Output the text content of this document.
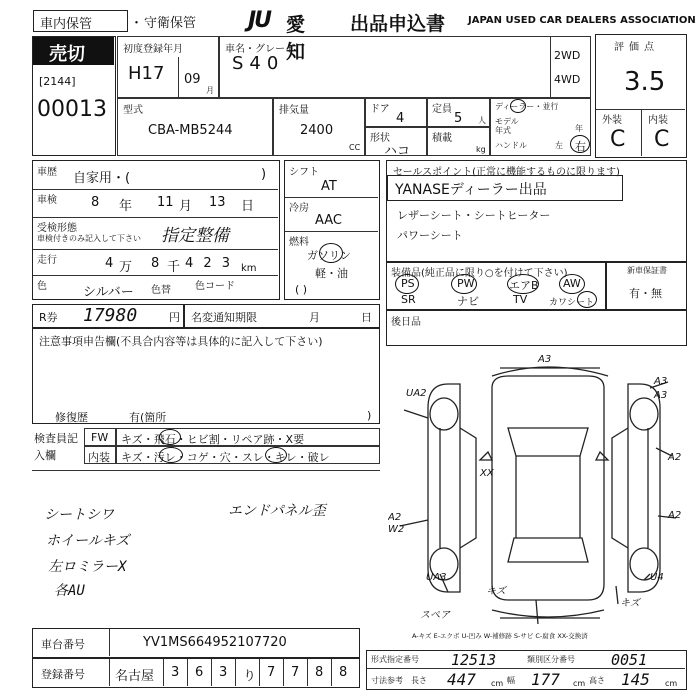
車内保管	・ 守衛保管 JU 愛知
出品申込書 JAPAN USED CAR DEALERS ASSOCIATION
売切
[2144]
00013
初度登録年月
H17 09
月
車名・グレード
S40	2WD
4WD
型式
CBA-MB5244
排気量
2400
CC
ドア
4
定員
5 人
形状
ハコ
積載
kg
ディーラー・並行
モデル年式	年
ハンドル	左 右
評価点
3.5
外装	内装
C C
車歴 自家用・(	)
車検	8 年 11 月 13 日
受検形態
車検付きのみ記入して下さい 指定整備
走行	4 万 8 千 4 2 3 km
色	シルバー 色替 色コード
シフト
AT
冷房
AAC
燃料
ガソリン
軽・油
( )
セールスポイント(正常に機能するものに限ります)
YANASEディーラー出品
レザーシート・シートヒーター
パワーシート
装備品(純正品に限り○を付けて下さい)
PS	PW	エアB AW
SR	ナビ	TV カワシート
新車保証書
有・無
後日品
R券 17980	円 名変通知期限	月	日
注意事項申告欄(不具合内容等は具体的に記入して下さい)
修復歴	有(箇所	)
検査員記入欄
FW キズ・飛石・ヒビ割・リペア跡・X要
内装 キズ・汚レ・コゲ・穴・スレ・キレ・破レ
シートシワ	エンドパネル歪
ホイールキズ
左ロミラーX
各AU
車台番号	YV1MS664952107720
登録番号 名古屋 3 6 3 り 7 7 8 8
A3
A3
A3
UA2
A2
A2
A2
W2
UA3	U4
XX
キズ
キズ
スペア
A-キズ E-エクボ U-凹み W-補修跡 S-サビ C-腐食 XX-交換済
形式指定番号 12513	類別区分番号 0051
寸法参考 長さ 447 cm 幅 177 cm 高さ 145 cm
